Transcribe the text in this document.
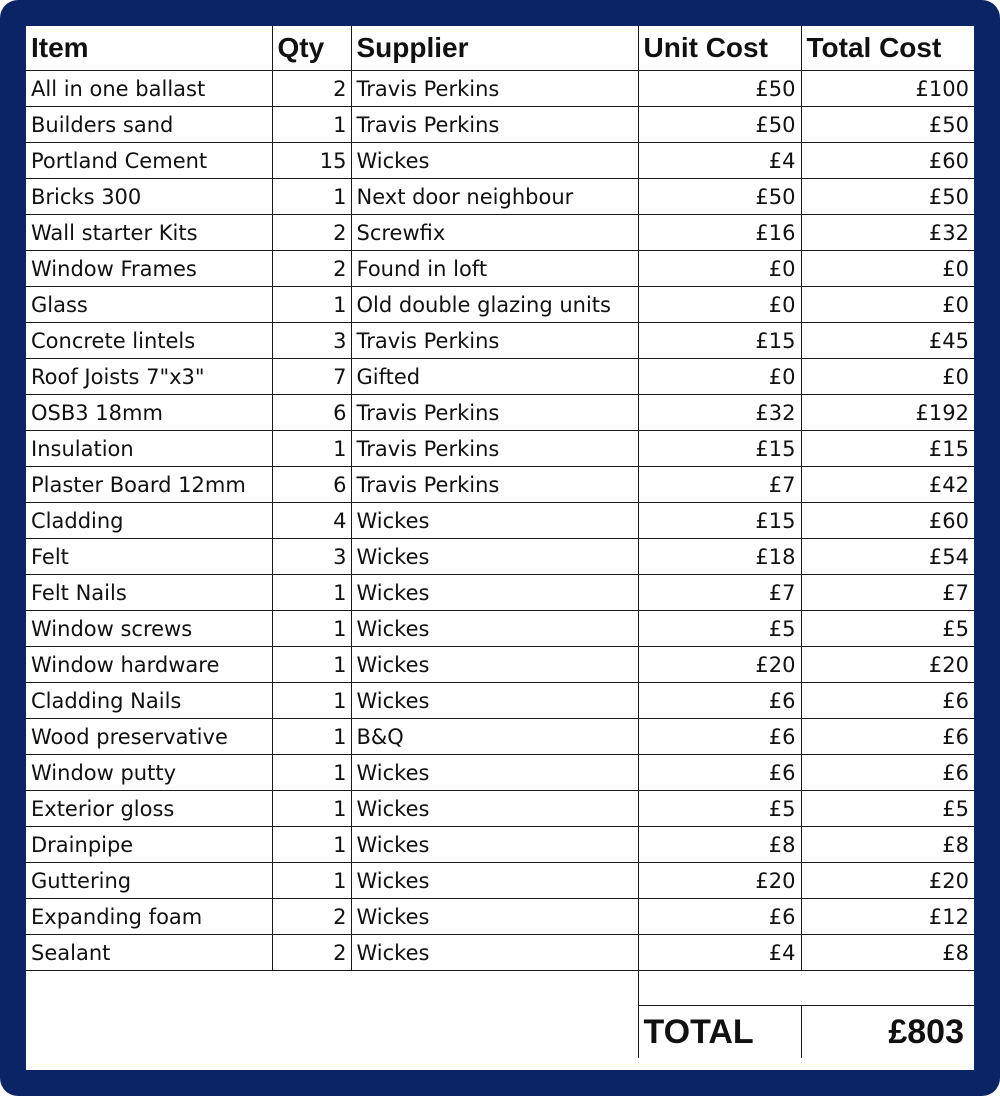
Item	Qty	Supplier	Unit Cost	Total Cost
All in one ballast	2	Travis Perkins	£50	£100
Builders sand	1	Travis Perkins	£50	£50
Portland Cement	15	Wickes	£4	£60
Bricks 300	1	Next door neighbour	£50	£50
Wall starter Kits	2	Screwfix	£16	£32
Window Frames	2	Found in loft	£0	£0
Glass	1	Old double glazing units	£0	£0
Concrete lintels	3	Travis Perkins	£15	£45
Roof Joists 7"x3"	7	Gifted	£0	£0
OSB3 18mm	6	Travis Perkins	£32	£192
Insulation	1	Travis Perkins	£15	£15
Plaster Board 12mm	6	Travis Perkins	£7	£42
Cladding	4	Wickes	£15	£60
Felt	3	Wickes	£18	£54
Felt Nails	1	Wickes	£7	£7
Window screws	1	Wickes	£5	£5
Window hardware	1	Wickes	£20	£20
Cladding Nails	1	Wickes	£6	£6
Wood preservative	1	B&Q	£6	£6
Window putty	1	Wickes	£6	£6
Exterior gloss	1	Wickes	£5	£5
Drainpipe	1	Wickes	£8	£8
Guttering	1	Wickes	£20	£20
Expanding foam	2	Wickes	£6	£12
Sealant	2	Wickes	£4	£8

			TOTAL	£803
